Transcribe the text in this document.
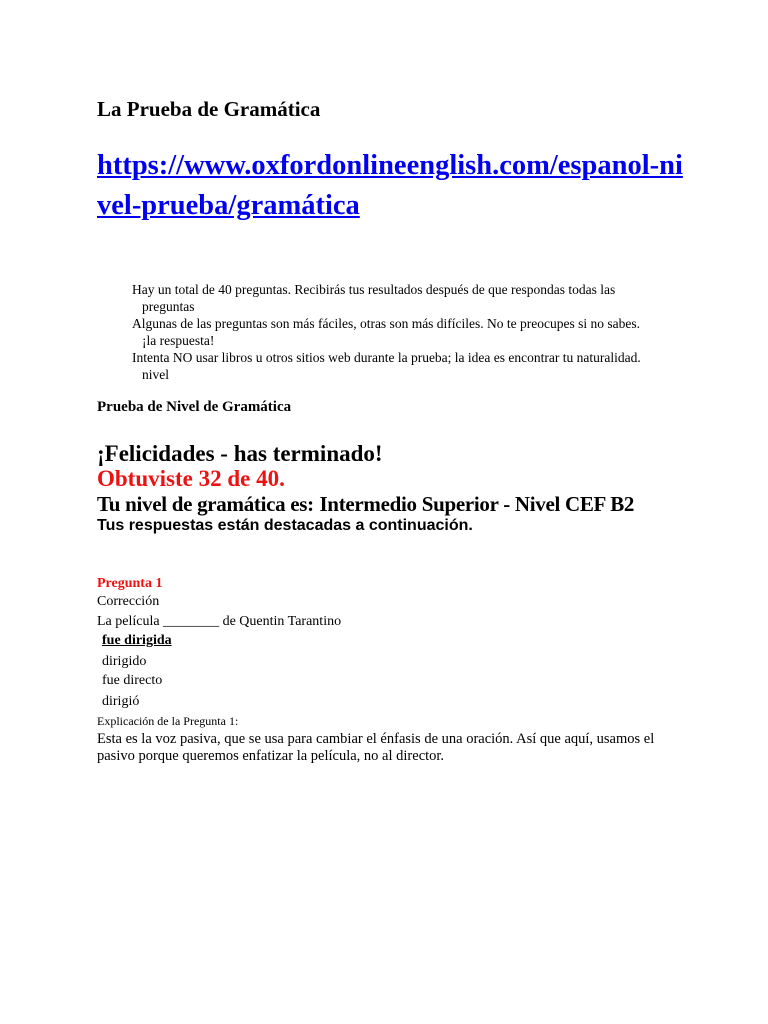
La Prueba de Gramática
https://www.oxfordonlineenglish.com/espanol-nivel-prueba/gramática
Hay un total de 40 preguntas. Recibirás tus resultados después de que respondas todas las
preguntas
Algunas de las preguntas son más fáciles, otras son más difíciles. No te preocupes si no sabes.
¡la respuesta!
Intenta NO usar libros u otros sitios web durante la prueba; la idea es encontrar tu naturalidad.
nivel
Prueba de Nivel de Gramática
¡Felicidades - has terminado!
Obtuviste 32 de 40.
Tu nivel de gramática es: Intermedio Superior - Nivel CEF B2
Tus respuestas están destacadas a continuación.
Pregunta 1
Corrección
La película ________ de Quentin Tarantino
fue dirigida
dirigido
fue directo
dirigió
Explicación de la Pregunta 1:
Esta es la voz pasiva, que se usa para cambiar el énfasis de una oración. Así que aquí, usamos el pasivo porque queremos enfatizar la película, no al director.
